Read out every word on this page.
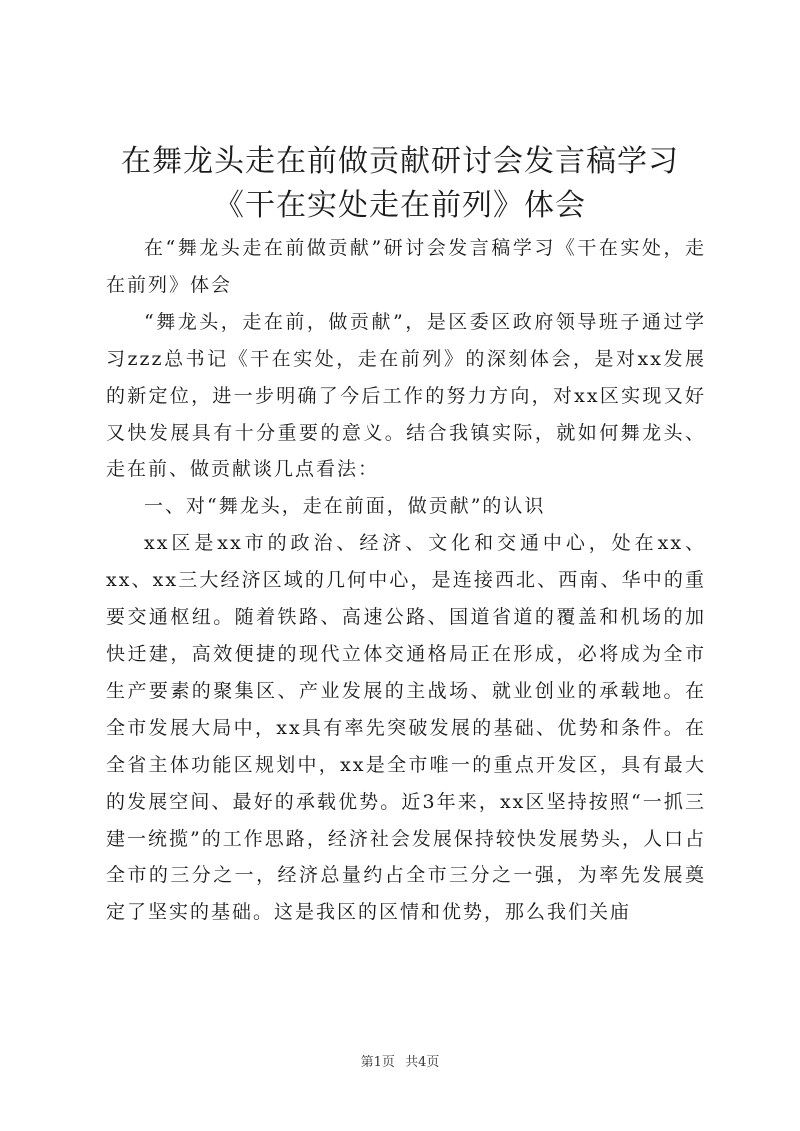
在舞龙头走在前做贡献研讨会发言稿学习《干在实处走在前列》体会

在“舞龙头走在前做贡献”研讨会发言稿学习《干在实处，走在前列》体会

“舞龙头，走在前，做贡献”，是区委区政府领导班子通过学习zzz总书记《干在实处，走在前列》的深刻体会，是对xx发展的新定位，进一步明确了今后工作的努力方向，对xx区实现又好又快发展具有十分重要的意义。结合我镇实际，就如何舞龙头、走在前、做贡献谈几点看法：

一、对“舞龙头，走在前面，做贡献”的认识

xx区是xx市的政治、经济、文化和交通中心，处在xx、xx、xx三大经济区域的几何中心，是连接西北、西南、华中的重要交通枢纽。随着铁路、高速公路、国道省道的覆盖和机场的加快迁建，高效便捷的现代立体交通格局正在形成，必将成为全市生产要素的聚集区、产业发展的主战场、就业创业的承载地。在全市发展大局中，xx具有率先突破发展的基础、优势和条件。在全省主体功能区规划中，xx是全市唯一的重点开发区，具有最大的发展空间、最好的承载优势。近3年来，xx区坚持按照“一抓三建一统揽”的工作思路，经济社会发展保持较快发展势头，人口占全市的三分之一，经济总量约占全市三分之一强，为率先发展奠定了坚实的基础。这是我区的区情和优势，那么我们关庙

第1页 共4页
